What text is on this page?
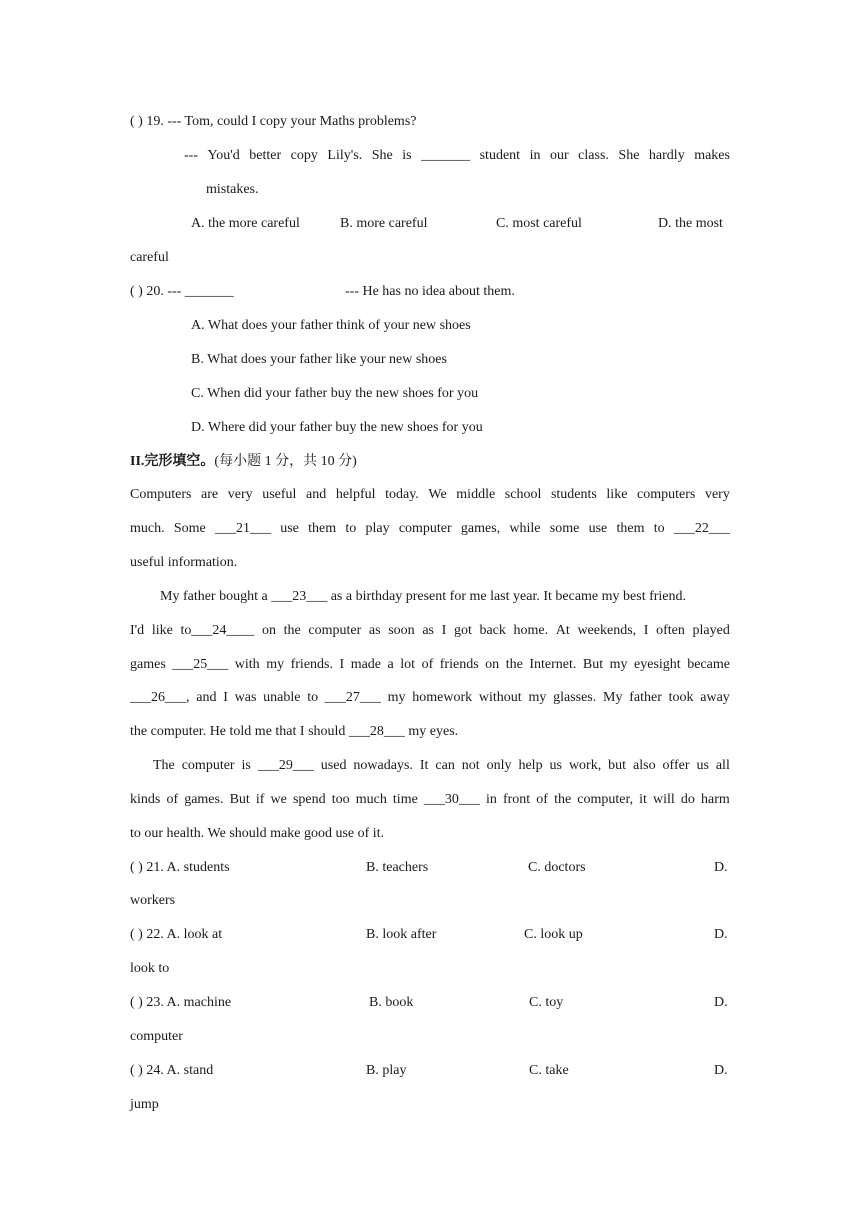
( ) 19. --- Tom, could I copy your Maths problems?
--- You'd better copy Lily's. She is _______ student in our class. She hardly makes
mistakes.
A. the more careful	B. more careful	C. most careful	D. the most
careful
( ) 20. --- _______	--- He has no idea about them.
A. What does your father think of your new shoes
B. What does your father like your new shoes
C. When did your father buy the new shoes for you
D. Where did your father buy the new shoes for you
II.完形填空。(每小题 1 分，共 10 分)
Computers are very useful and helpful today. We middle school students like computers very
much. Some ___21___ use them to play computer games, while some use them to ___22___
useful information.
My father bought a ___23___ as a birthday present for me last year. It became my best friend.
I'd like to___24____ on the computer as soon as I got back home. At weekends, I often played
games ___25___ with my friends. I made a lot of friends on the Internet. But my eyesight became
___26___, and I was unable to ___27___ my homework without my glasses. My father took away
the computer. He told me that I should ___28___ my eyes.
The computer is ___29___ used nowadays. It can not only help us work, but also offer us all
kinds of games. But if we spend too much time ___30___ in front of the computer, it will do harm
to our health. We should make good use of it.
( ) 21. A. students	B. teachers	C. doctors	D.
workers
( ) 22. A. look at	B. look after	C. look up	D.
look to
( ) 23. A. machine	B. book	C. toy	D.
computer
( ) 24. A. stand	B. play	C. take	D.
jump
